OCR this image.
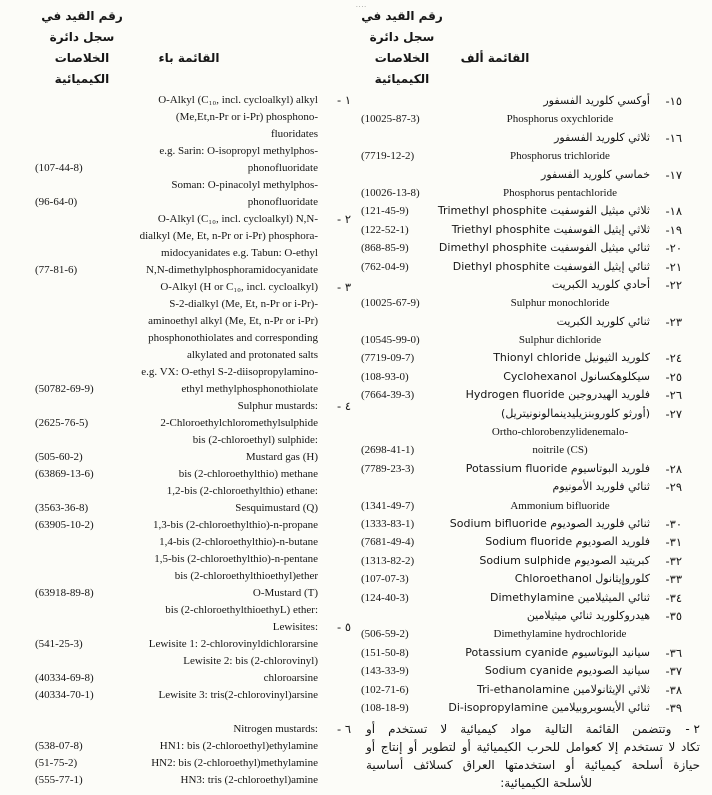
....
رقم القيد في
سجل دائرة الخلاصات
الكيميائية
القائمة باء
O-Alkyl (C₁₀, incl. cycloalkyl) alkyl	- ١
(Me,Et,n-Pr or i-Pr) phosphono-
fluoridates
e.g. Sarin: O-isopropyl methylphos-
(107-44-8)	phonofluoridate
Soman: O-pinacolyl methylphos-
(96-64-0)	phonofluoridate
O-Alkyl (C₁₀, incl. cycloalkyl) N,N-	- ٢
dialkyl (Me, Et, n-Pr or i-Pr) phosphora-
midocyanidates e.g. Tabun: O-ethyl
(77-81-6)	N,N-dimethylphosphoramidocyanidate
O-Alkyl (H or C₁₀, incl. cycloalkyl)	- ٣
S-2-dialkyl (Me, Et, n-Pr or i-Pr)-
aminoethyl alkyl (Me, Et, n-Pr or i-Pr)
phosphonothiolates and corresponding
alkylated and protonated salts
e.g. VX: O-ethyl S-2-diisopropylamino-
(50782-69-9)	ethyl methylphosphonothiolate
Sulphur mustards:	- ٤
(2625-76-5)	2-Chloroethylchloromethylsulphide
bis (2-chloroethyl) sulphide:
(505-60-2)	Mustard gas (H)
(63869-13-6)	bis (2-chloroethylthio) methane
1,2-bis (2-chloroethylthio) ethane:
(3563-36-8)	Sesquimustard (Q)
(63905-10-2)	1,3-bis (2-chloroethylthio)-n-propane
1,4-bis (2-chloroethylthio)-n-butane
1,5-bis (2-chloroethylthio)-n-pentane
bis (2-chloroethylthioethyl)ether
(63918-89-8)	O-Mustard (T)
bis (2-chloroethylthioethyL) ether:
Lewisites:	- ٥
(541-25-3)	Lewisite 1: 2-chlorovinyldichlorarsine
Lewisite 2: bis (2-chlorovinyl)
(40334-69-8)	chloroarsine
(40334-70-1)	Lewisite 3: tris(2-chlorovinyl)arsine
Nitrogen mustards:	- ٦
(538-07-8)	HN1: bis (2-chloroethyl)ethylamine
(51-75-2)	HN2: bis (2-chloroethyl)methylamine
(555-77-1)	HN3: tris (2-chloroethyl)amine
رقم القيد في
سجل دائرة الخلاصات
الكيميائية
القائمة ألف
أوكسي كلوريد الفسفور	١٥-
(10025-87-3)	Phosphorus oxychloride
ثلاثي كلوريد الفسفور	١٦-
(7719-12-2)	Phosphorus trichloride
خماسي كلوريد الفسفور	١٧-
(10026-13-8)	Phosphorus pentachloride
(121-45-9)	ثلاثي ميثيل الفوسفيت Trimethyl phosphite	١٨-
(122-52-1)	ثلاثي إيثيل الفوسفيت Triethyl phosphite	١٩-
(868-85-9)	ثنائي ميثيل الفوسفيت Dimethyl phosphite	٢٠-
(762-04-9)	ثنائي إيثيل الفوسفيت Diethyl phosphite	٢١-
أحادي كلوريد الكبريت	٢٢-
(10025-67-9)	Sulphur monochloride
ثنائي كلوريد الكبريت	٢٣-
(10545-99-0)	Sulphur dichloride
(7719-09-7)	كلوريد الثيونيل Thionyl chloride	٢٤-
(108-93-0)	سيكلوهكسانول Cyclohexanol	٢٥-
(7664-39-3)	فلوريد الهيدروجين Hydrogen fluoride	٢٦-
(أورثو كلوروبنزيليدينمالونونيتريل)	٢٧-
Ortho-chlorobenzylidenemalo-
(2698-41-1)	noitrile (CS)
(7789-23-3)	فلوريد البوتاسيوم Potassium fluoride	٢٨-
ثنائي فلوريد الأمونيوم	٢٩-
(1341-49-7)	Ammonium bifluoride
(1333-83-1)	ثنائي فلوريد الصوديوم Sodium bifluoride	٣٠-
(7681-49-4)	فلوريد الصوديوم Sodium fluoride	٣١-
(1313-82-2)	كبريتيد الصوديوم Sodium sulphide	٣٢-
(107-07-3)	كلوروإيثانول Chloroethanol	٣٣-
(124-40-3)	ثنائي الميثيلامين Dimethylamine	٣٤-
هيدروكلوريد ثنائي ميثيلامين	٣٥-
(506-59-2)	Dimethylamine hydrochloride
(151-50-8)	سيانيد البوتاسيوم Potassium cyanide	٣٦-
(143-33-9)	سيانيد الصوديوم Sodium cyanide	٣٧-
(102-71-6)	ثلاثي الإيثانولامين Tri-ethanolamine	٣٨-
(108-18-9)	ثنائي الأيسوبروبيلامين Di-isopropylamine	٣٩-
٢ -
وتتضمن القائمة التالية مواد كيميائية لا تستخدم أو
تكاد لا تستخدم إلا كعوامل للحرب الكيميائية أو لتطوير أو إنتاج أو
حيازة أسلحة كيميائية أو استخدمتها العراق كسلائف أساسية
للأسلحة الكيميائية:
